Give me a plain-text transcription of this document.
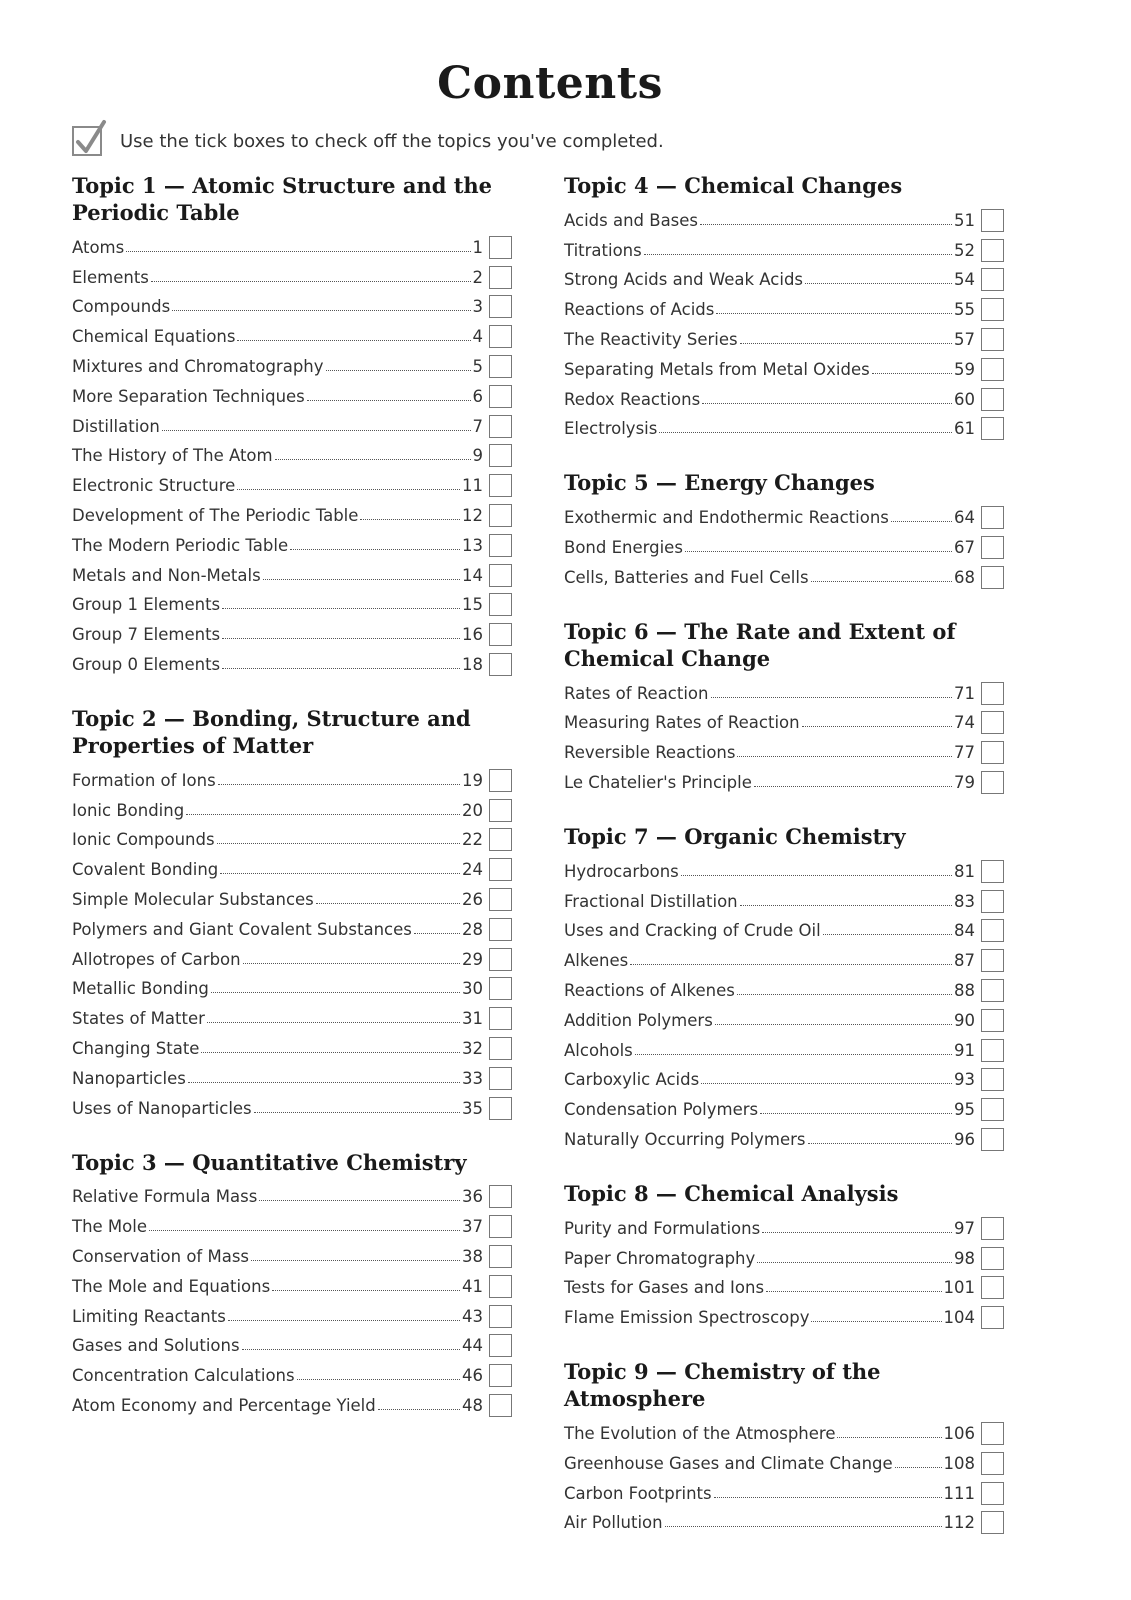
Contents
Use the tick boxes to check off the topics you've completed.
Topic 1 — Atomic Structure and the Periodic Table
Atoms	1
Elements	2
Compounds	3
Chemical Equations	4
Mixtures and Chromatography	5
More Separation Techniques	6
Distillation	7
The History of The Atom	9
Electronic Structure	11
Development of The Periodic Table	12
The Modern Periodic Table	13
Metals and Non-Metals	14
Group 1 Elements	15
Group 7 Elements	16
Group 0 Elements	18
Topic 2 — Bonding, Structure and Properties of Matter
Formation of Ions	19
Ionic Bonding	20
Ionic Compounds	22
Covalent Bonding	24
Simple Molecular Substances	26
Polymers and Giant Covalent Substances	28
Allotropes of Carbon	29
Metallic Bonding	30
States of Matter	31
Changing State	32
Nanoparticles	33
Uses of Nanoparticles	35
Topic 3 — Quantitative Chemistry
Relative Formula Mass	36
The Mole	37
Conservation of Mass	38
The Mole and Equations	41
Limiting Reactants	43
Gases and Solutions	44
Concentration Calculations	46
Atom Economy and Percentage Yield	48
Topic 4 — Chemical Changes
Acids and Bases	51
Titrations	52
Strong Acids and Weak Acids	54
Reactions of Acids	55
The Reactivity Series	57
Separating Metals from Metal Oxides	59
Redox Reactions	60
Electrolysis	61
Topic 5 — Energy Changes
Exothermic and Endothermic Reactions	64
Bond Energies	67
Cells, Batteries and Fuel Cells	68
Topic 6 — The Rate and Extent of Chemical Change
Rates of Reaction	71
Measuring Rates of Reaction	74
Reversible Reactions	77
Le Chatelier's Principle	79
Topic 7 — Organic Chemistry
Hydrocarbons	81
Fractional Distillation	83
Uses and Cracking of Crude Oil	84
Alkenes	87
Reactions of Alkenes	88
Addition Polymers	90
Alcohols	91
Carboxylic Acids	93
Condensation Polymers	95
Naturally Occurring Polymers	96
Topic 8 — Chemical Analysis
Purity and Formulations	97
Paper Chromatography	98
Tests for Gases and Ions	101
Flame Emission Spectroscopy	104
Topic 9 — Chemistry of the Atmosphere
The Evolution of the Atmosphere	106
Greenhouse Gases and Climate Change	108
Carbon Footprints	111
Air Pollution	112
